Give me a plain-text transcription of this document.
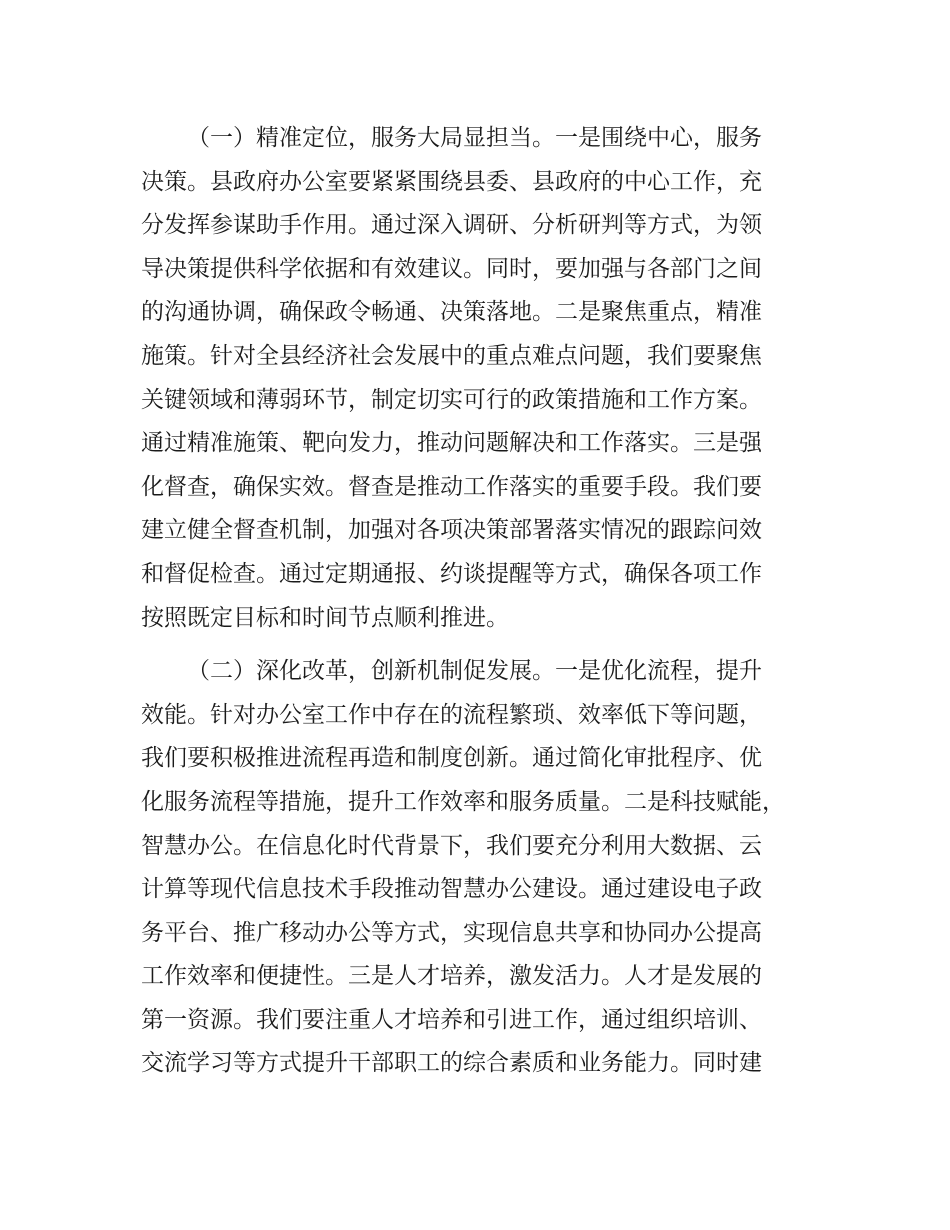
（一）精准定位，服务大局显担当。一是围绕中心，服务
决策。县政府办公室要紧紧围绕县委、县政府的中心工作，充
分发挥参谋助手作用。通过深入调研、分析研判等方式，为领
导决策提供科学依据和有效建议。同时，要加强与各部门之间
的沟通协调，确保政令畅通、决策落地。二是聚焦重点，精准
施策。针对全县经济社会发展中的重点难点问题，我们要聚焦
关键领域和薄弱环节，制定切实可行的政策措施和工作方案。
通过精准施策、靶向发力，推动问题解决和工作落实。三是强
化督查，确保实效。督查是推动工作落实的重要手段。我们要
建立健全督查机制，加强对各项决策部署落实情况的跟踪问效
和督促检查。通过定期通报、约谈提醒等方式，确保各项工作
按照既定目标和时间节点顺利推进。
（二）深化改革，创新机制促发展。一是优化流程，提升
效能。针对办公室工作中存在的流程繁琐、效率低下等问题，
我们要积极推进流程再造和制度创新。通过简化审批程序、优
化服务流程等措施，提升工作效率和服务质量。二是科技赋能，
智慧办公。在信息化时代背景下，我们要充分利用大数据、云
计算等现代信息技术手段推动智慧办公建设。通过建设电子政
务平台、推广移动办公等方式，实现信息共享和协同办公提高
工作效率和便捷性。三是人才培养，激发活力。人才是发展的
第一资源。我们要注重人才培养和引进工作，通过组织培训、
交流学习等方式提升干部职工的综合素质和业务能力。同时建
